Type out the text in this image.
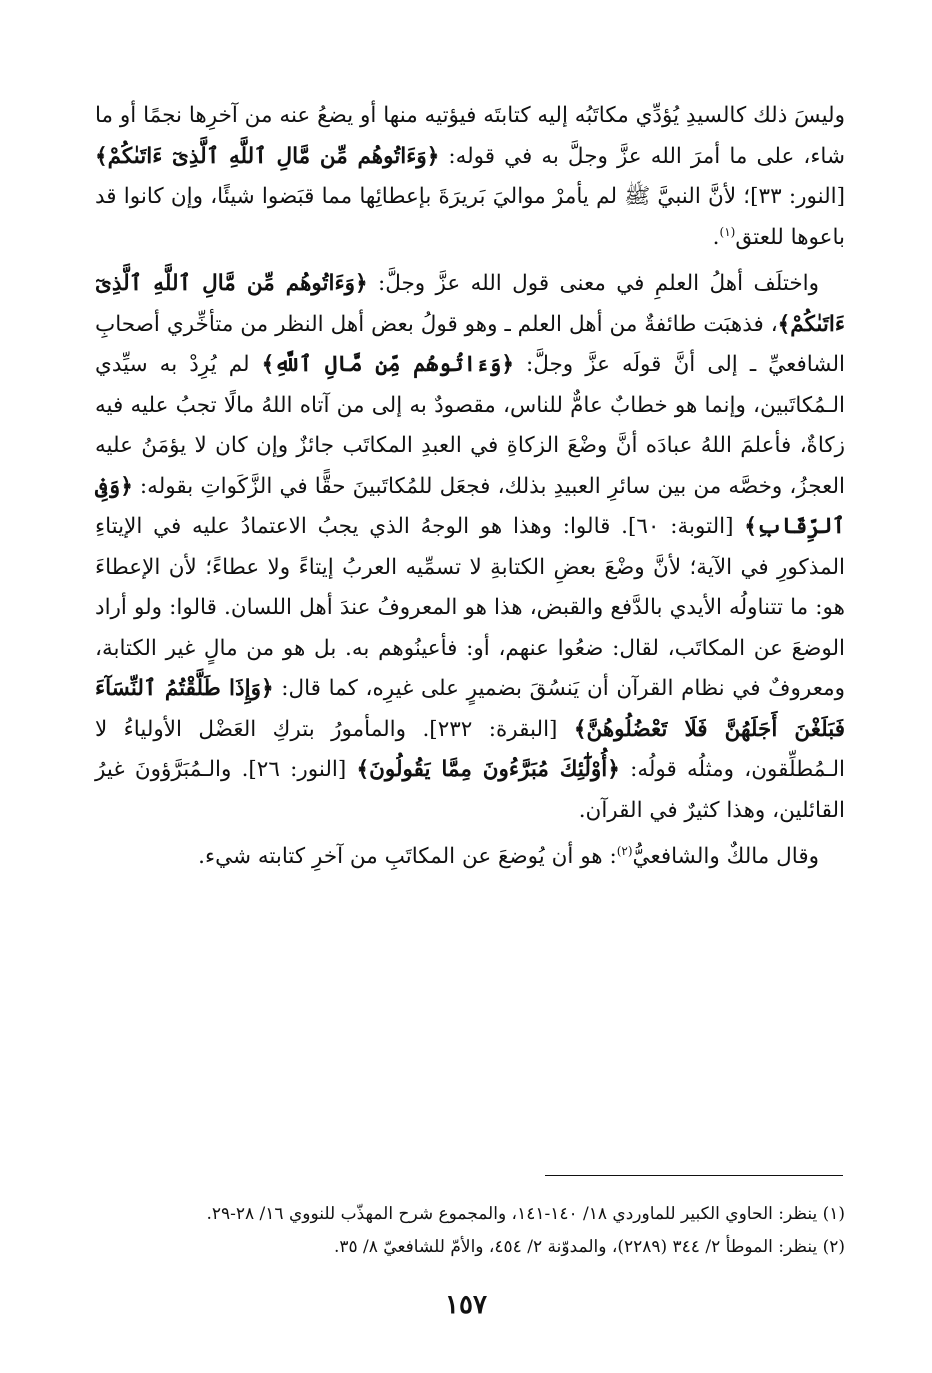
وليسَ ذلك كالسيدِ يُؤدِّي مكاتَبُه إليه كتابتَه فيؤتيه منها أو يضعُ عنه من آخرِها نجمًا أو ما شاء، على ما أمرَ الله عزَّ وجلَّ به في قوله: ﴿وَءَاتُوهُم مِّن مَّالِ ٱللَّهِ ٱلَّذِىٓ ءَاتَىٰكُمْ﴾ [النور: ٣٣]؛ لأنَّ النبيَّ ﷺ لم يأمرْ مواليَ بَريرَةَ بإعطائِها مما قبَضوا شيئًا، وإن كانوا قد باعوها للعتق$^{(١)}$.

واختلَف أهلُ العلمِ في معنى قول الله عزَّ وجلَّ: ﴿وَءَاتُوهُم مِّن مَّالِ ٱللَّهِ ٱلَّذِىٓ ءَاتَىٰكُمْ﴾، فذهبَت طائفةٌ من أهل العلم ـ وهو قولُ بعض أهل النظر من متأخِّري أصحابِ الشافعيِّ ـ إلى أنَّ قولَه عزَّ وجلَّ: ﴿وَءَاتُوهُم مِّن مَّالِ ٱللَّهِ﴾ لم يُرِدْ به سيِّدي الـمُكاتَبين، وإنما هو خطابٌ عامٌّ للناس، مقصودٌ به إلى من آتاه اللهُ مالًا تجبُ عليه فيه زكاةٌ، فأعلمَ اللهُ عبادَه أنَّ وضْعَ الزكاةِ في العبدِ المكاتَب جائزٌ وإن كان لا يؤمَنُ عليه العجزُ، وخصَّه من بين سائرِ العبيدِ بذلك، فجعَل للمُكاتَبينَ حقًّا في الزَّكَواتِ بقوله: ﴿وَفِى ٱلرِّقَابِ﴾ [التوبة: ٦٠]. قالوا: وهذا هو الوجهُ الذي يجبُ الاعتمادُ عليه في الإيتاءِ المذكورِ في الآية؛ لأنَّ وضْعَ بعضِ الكتابةِ لا تسمِّيه العربُ إيتاءً ولا عطاءً؛ لأن الإعطاءَ هو: ما تتناولُه الأيدي بالدَّفع والقبض، هذا هو المعروفُ عندَ أهل اللسان. قالوا: ولو أراد الوضعَ عن المكاتَب، لقال: ضعُوا عنهم، أو: فأعينُوهم به. بل هو من مالٍ غير الكتابة، ومعروفٌ في نظام القرآن أن يَنسُقَ بضميرٍ على غيرِه، كما قال: ﴿وَإِذَا طَلَّقْتُمُ ٱلنِّسَآءَ فَبَلَغْنَ أَجَلَهُنَّ فَلَا تَعْضُلُوهُنَّ﴾ [البقرة: ٢٣٢]. والمأمورُ بتركِ العَضْل الأولياءُ لا الـمُطلِّقون، ومثلُه قولُه: ﴿أُوْلَٰٓئِكَ مُبَرَّءُونَ مِمَّا يَقُولُونَ﴾ [النور: ٢٦]. والـمُبَرَّؤونَ غيرُ القائلين، وهذا كثيرٌ في القرآن.

وقال مالكٌ والشافعيُّ$^{(٢)}$: هو أن يُوضعَ عن المكاتَبِ من آخرِ كتابته شيء.

(١) ينظر: الحاوي الكبير للماوردي ١٨/ ١٤٠-١٤١، والمجموع شرح المهذّب للنووي ١٦/ ٢٨-٢٩.

(٢) ينظر: الموطأ ٢/ ٣٤٤ (٢٢٨٩)، والمدوّنة ٢/ ٤٥٤، والأمّ للشافعيّ ٨/ ٣٥.

١٥٧
